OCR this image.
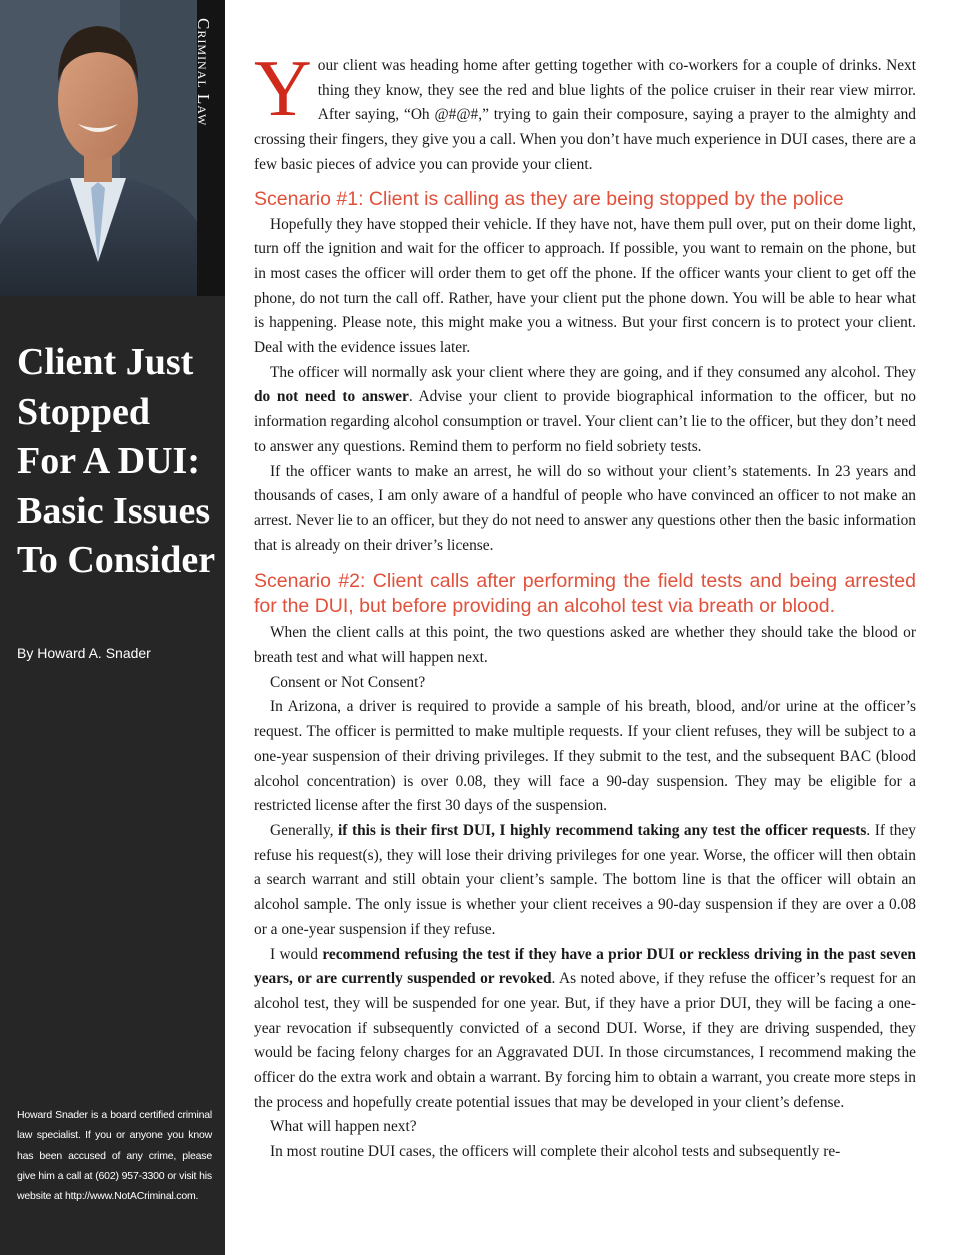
Criminal Law
Client Just Stopped For A DUI: Basic Issues To Consider

By Howard A. Snader

Howard Snader is a board certified criminal law specialist. If you or anyone you know has been accused of any crime, please give him a call at (602) 957-3300 or visit his website at http://www.NotACriminal.com.

Y our client was heading home after getting together with co-workers for a couple of drinks. Next thing they know, they see the red and blue lights of the police cruiser in their rear view mirror. After saying, “Oh @#@#,” trying to gain their composure, saying a prayer to the almighty and crossing their fingers, they give you a call. When you don’t have much experience in DUI cases, there are a few basic pieces of advice you can provide your client.

Scenario #1: Client is calling as they are being stopped by the police

Hopefully they have stopped their vehicle. If they have not, have them pull over, put on their dome light, turn off the ignition and wait for the officer to approach. If possible, you want to remain on the phone, but in most cases the officer will order them to get off the phone. If the officer wants your client to get off the phone, do not turn the call off. Rather, have your client put the phone down. You will be able to hear what is happening. Please note, this might make you a witness. But your first concern is to protect your client. Deal with the evidence issues later.

The officer will normally ask your client where they are going, and if they consumed any alcohol. They do not need to answer. Advise your client to provide biographical information to the officer, but no information regarding alcohol consumption or travel. Your client can’t lie to the officer, but they don’t need to answer any questions. Remind them to perform no field sobriety tests.

If the officer wants to make an arrest, he will do so without your client’s statements. In 23 years and thousands of cases, I am only aware of a handful of people who have convinced an officer to not make an arrest. Never lie to an officer, but they do not need to answer any questions other then the basic information that is already on their driver’s license.

Scenario #2: Client calls after performing the field tests and being arrested for the DUI, but before providing an alcohol test via breath or blood.

When the client calls at this point, the two questions asked are whether they should take the blood or breath test and what will happen next.

Consent or Not Consent?

In Arizona, a driver is required to provide a sample of his breath, blood, and/or urine at the officer’s request. The officer is permitted to make multiple requests. If your client refuses, they will be subject to a one-year suspension of their driving privileges. If they submit to the test, and the subsequent BAC (blood alcohol concentration) is over 0.08, they will face a 90-day suspension. They may be eligible for a restricted license after the first 30 days of the suspension.

Generally, if this is their first DUI, I highly recommend taking any test the officer requests. If they refuse his request(s), they will lose their driving privileges for one year. Worse, the officer will then obtain a search warrant and still obtain your client’s sample. The bottom line is that the officer will obtain an alcohol sample. The only issue is whether your client receives a 90-day suspension if they are over a 0.08 or a one-year suspension if they refuse.

I would recommend refusing the test if they have a prior DUI or reckless driving in the past seven years, or are currently suspended or revoked. As noted above, if they refuse the officer’s request for an alcohol test, they will be suspended for one year. But, if they have a prior DUI, they will be facing a one-year revocation if subsequently convicted of a second DUI. Worse, if they are driving suspended, they would be facing felony charges for an Aggravated DUI. In those circumstances, I recommend making the officer do the extra work and obtain a warrant. By forcing him to obtain a warrant, you create more steps in the process and hopefully create potential issues that may be developed in your client’s defense.

What will happen next?

In most routine DUI cases, the officers will complete their alcohol tests and subsequently re-
